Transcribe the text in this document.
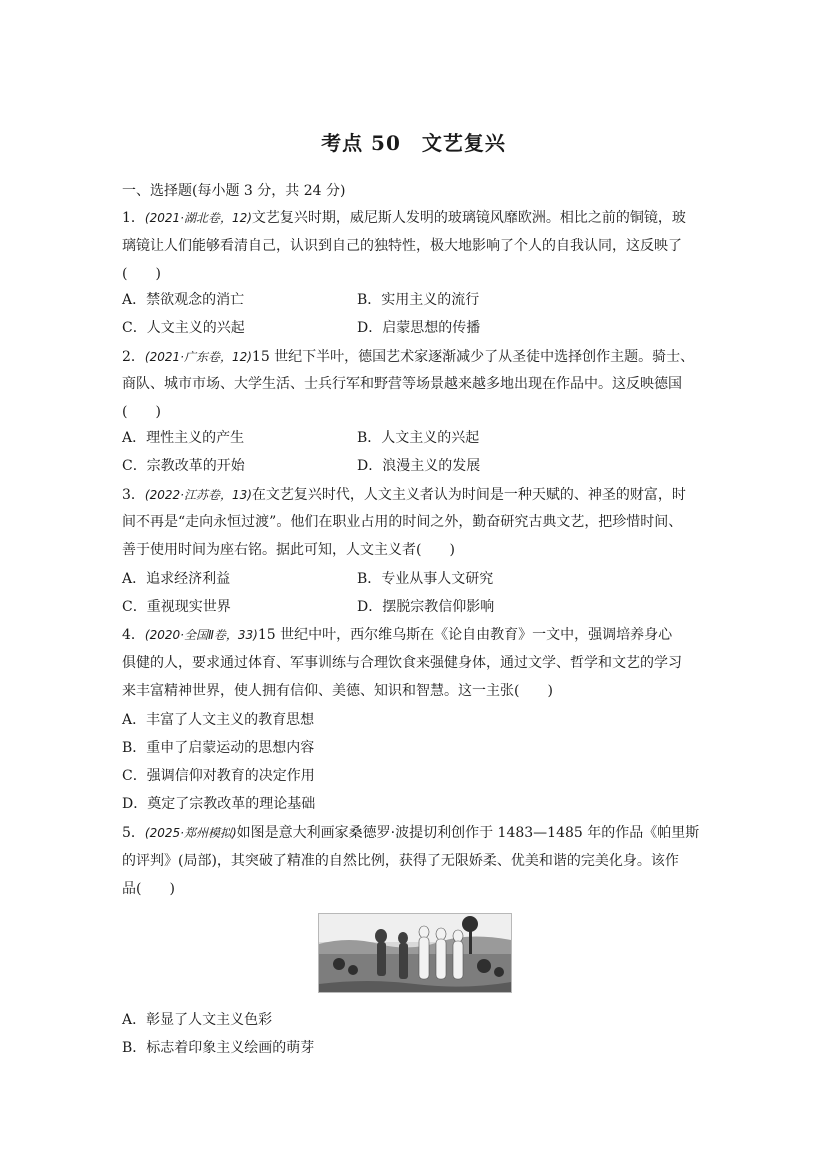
考点 50　文艺复兴
一、选择题(每小题 3 分，共 24 分)
1．(2021·湖北卷，12)文艺复兴时期，威尼斯人发明的玻璃镜风靡欧洲。相比之前的铜镜，玻
璃镜让人们能够看清自己，认识到自己的独特性，极大地影响了个人的自我认同，这反映了
(　　)
A．禁欲观念的消亡	B．实用主义的流行
C．人文主义的兴起	D．启蒙思想的传播
2．(2021·广东卷，12)15 世纪下半叶，德国艺术家逐渐减少了从圣徒中选择创作主题。骑士、
商队、城市市场、大学生活、士兵行军和野营等场景越来越多地出现在作品中。这反映德国
(　　)
A．理性主义的产生	B．人文主义的兴起
C．宗教改革的开始	D．浪漫主义的发展
3．(2022·江苏卷，13)在文艺复兴时代，人文主义者认为时间是一种天赋的、神圣的财富，时
间不再是“走向永恒过渡”。他们在职业占用的时间之外，勤奋研究古典文艺，把珍惜时间、
善于使用时间为座右铭。据此可知，人文主义者(　　)
A．追求经济利益	B．专业从事人文研究
C．重视现实世界	D．摆脱宗教信仰影响
4．(2020·全国Ⅱ卷，33)15 世纪中叶，西尔维乌斯在《论自由教育》一文中，强调培养身心
俱健的人，要求通过体育、军事训练与合理饮食来强健身体，通过文学、哲学和文艺的学习
来丰富精神世界，使人拥有信仰、美德、知识和智慧。这一主张(　　)
A．丰富了人文主义的教育思想
B．重申了启蒙运动的思想内容
C．强调信仰对教育的决定作用
D．奠定了宗教改革的理论基础
5．(2025·郑州模拟)如图是意大利画家桑德罗·波提切利创作于 1483—1485 年的作品《帕里斯
的评判》(局部)，其突破了精准的自然比例，获得了无限娇柔、优美和谐的完美化身。该作
品(　　)
A．彰显了人文主义色彩
B．标志着印象主义绘画的萌芽
